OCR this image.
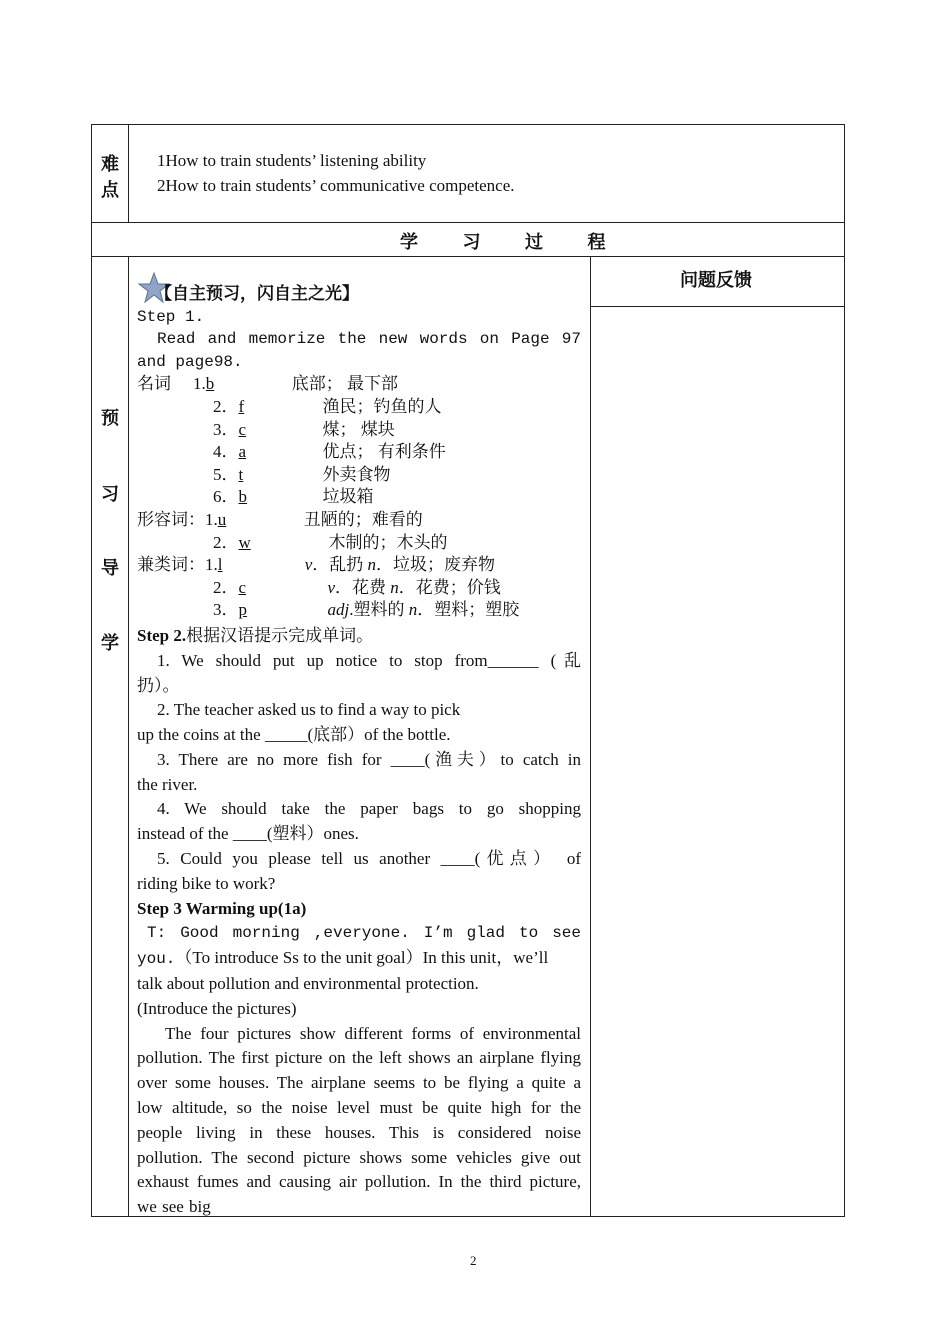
难
点
1How to train students’ listening ability
2How to train students’ communicative competence.
学 习 过 程
预
习
导
学
问题反馈
【自主预习，闪自主之光】
Step 1.
Read and memorize the new words on Page 97
and page98.
名词 1.b	底部； 最下部
2．f	渔民；钓鱼的人
3．c	煤； 煤块
4．a	优点； 有利条件
5．t	外卖食物
6．b	垃圾箱
形容词：1.u	丑陋的；难看的
2．w	木制的；木头的
兼类词：1.l	v．乱扔 n．垃圾；废弃物
2．c	v．花费 n．花费；价钱
3．p	adj.塑料的 n．塑料；塑胶
Step 2.根据汉语提示完成单词。
1. We should put up notice to stop from______ (乱
扔）。
2. The teacher asked us to find a way to pick
up the coins at the _____(底部）of the bottle.
3. There are no more fish for ____(渔夫）to catch in
the river.
4. We should take the paper bags to go shopping
instead of the ____(塑料）ones.
5. Could you please tell us another ____(优点） of
riding bike to work?
Step 3 Warming up(1a)
T: Good morning ,everyone. I’m glad to see
you.（To introduce Ss to the unit goal）In this unit，we’ll
talk about pollution and environmental protection.
(Introduce the pictures)
The four pictures show different forms of environmental pollution. The first picture on the left shows an airplane flying over some houses. The airplane seems to be flying a quite a low altitude, so the noise level must be quite high for the people living in these houses. This is considered noise pollution. The second picture shows some vehicles give out exhaust fumes and causing air pollution. In the third picture, we see big
2
